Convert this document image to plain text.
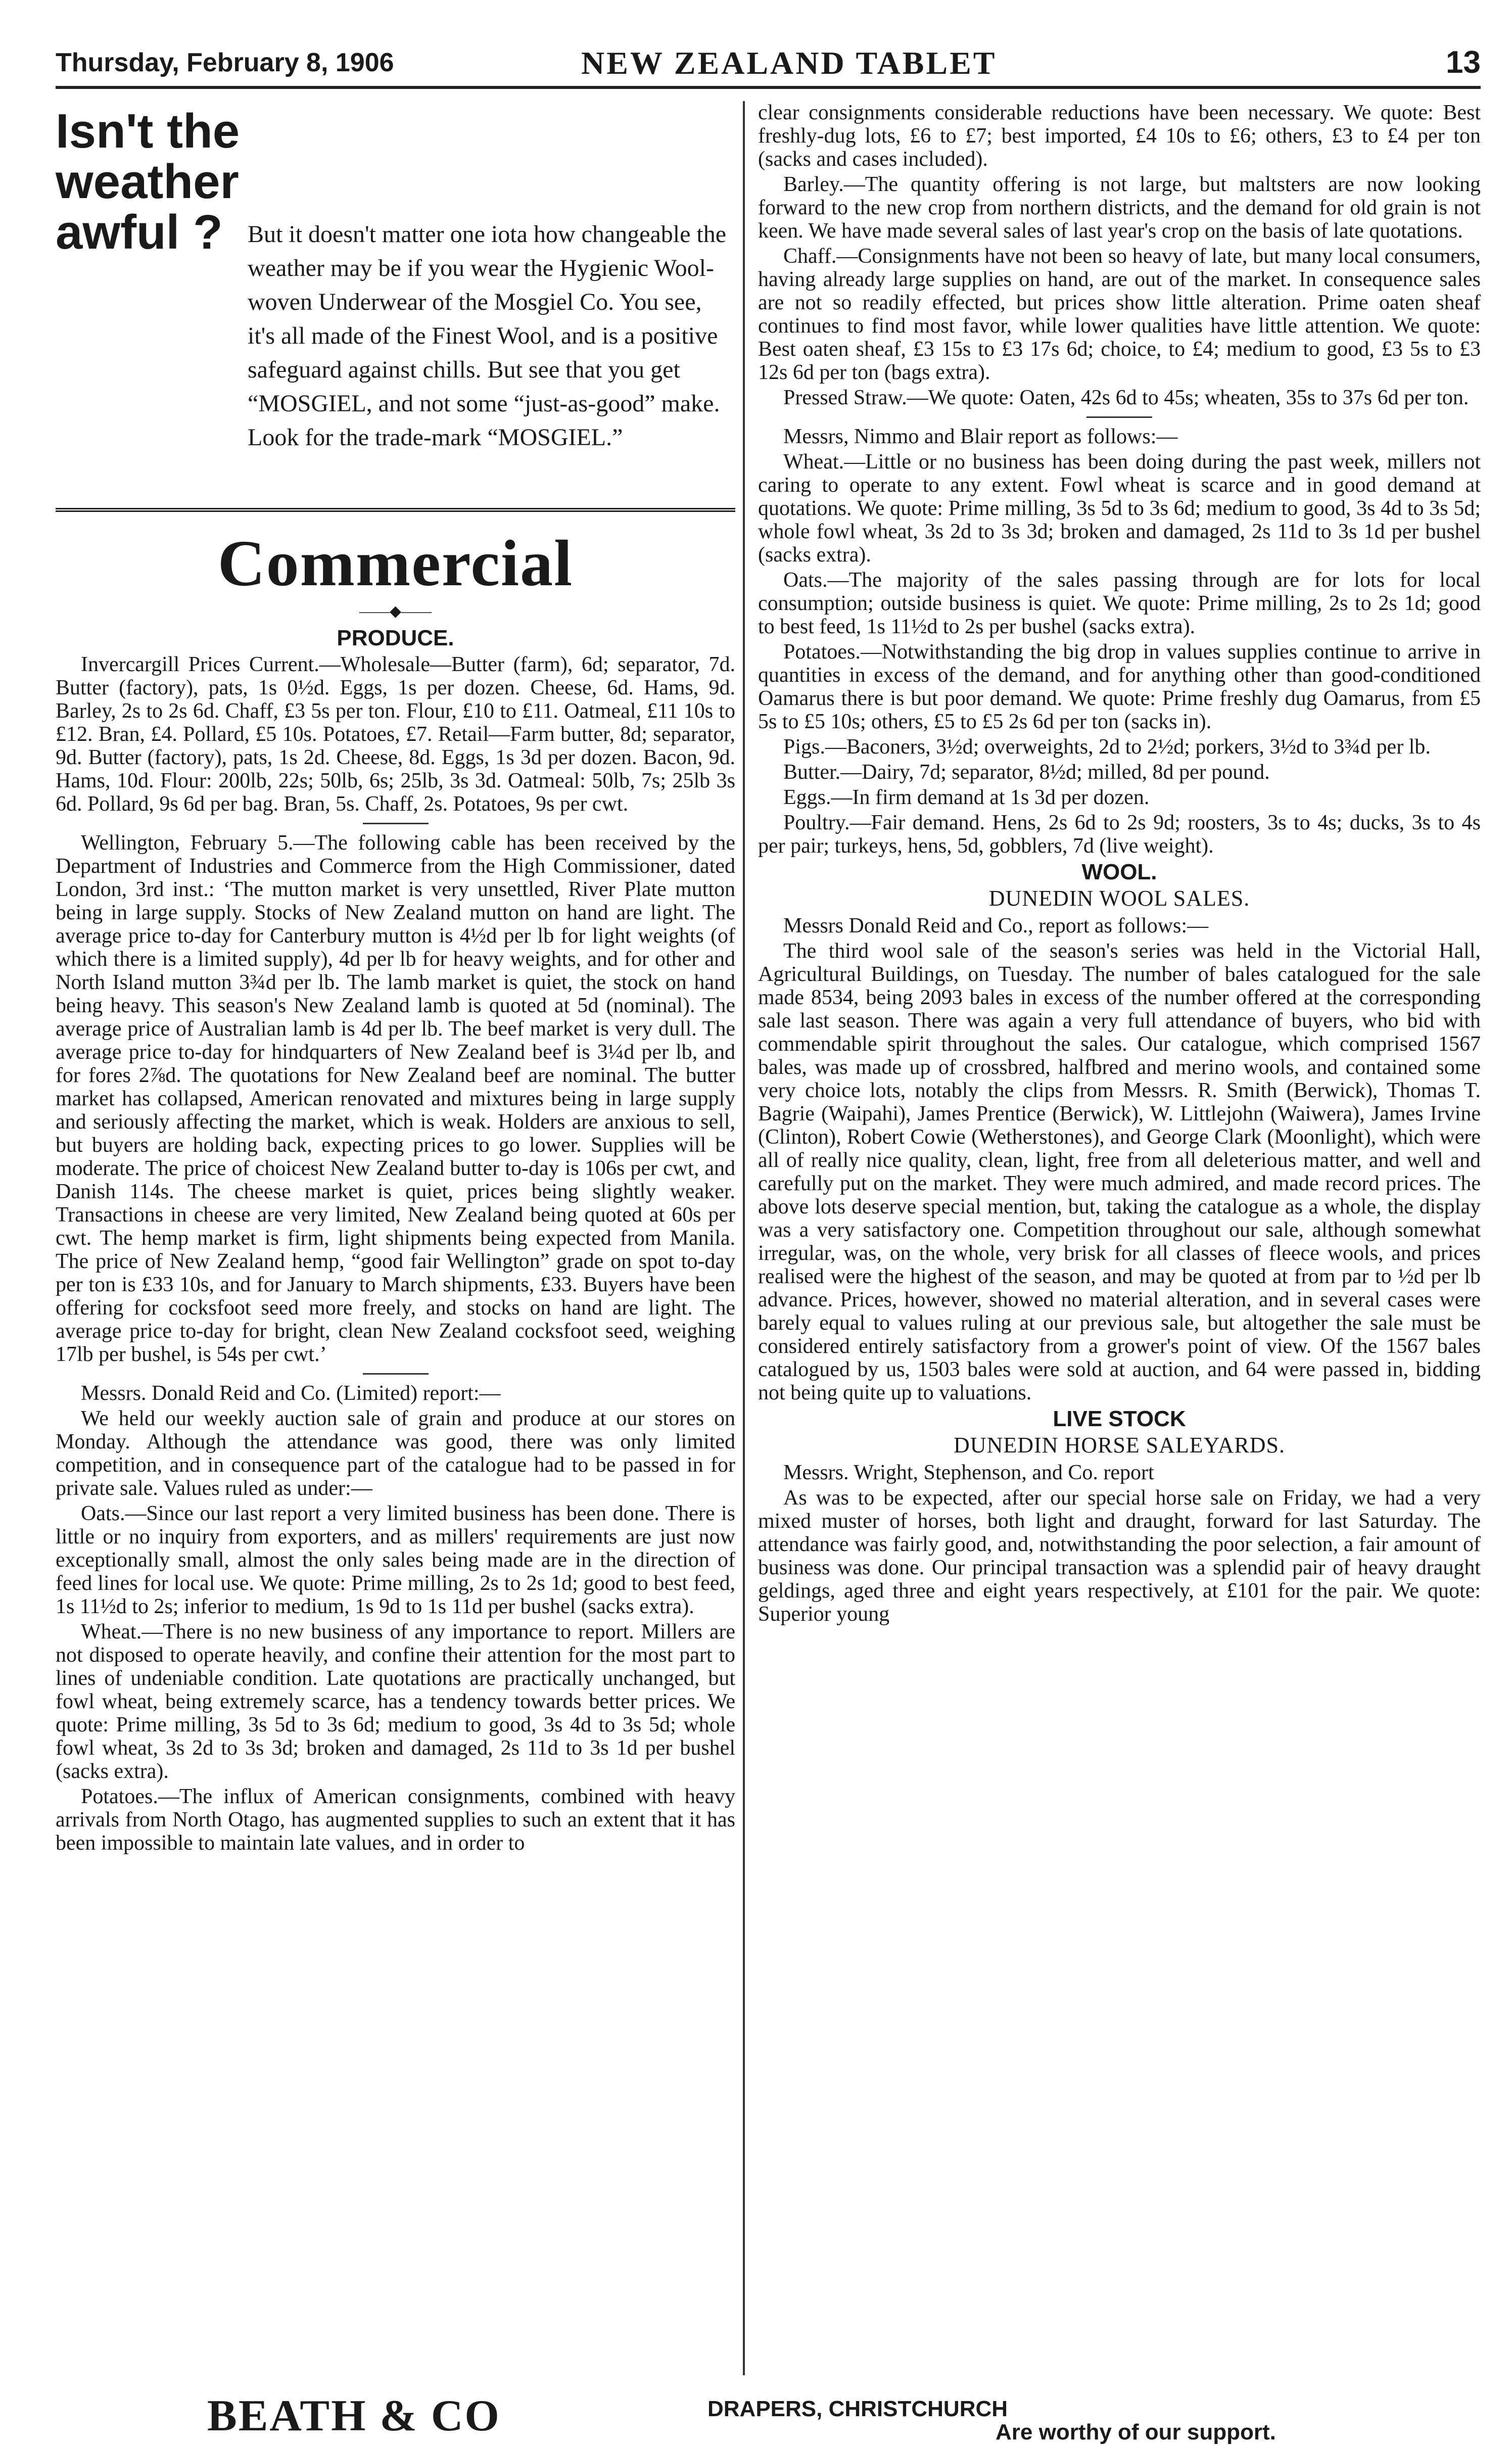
Thursday, February 8, 1906	NEW ZEALAND TABLET	13
Isn't the
weather
awful ?	But it doesn't matter one iota how changeable the weather may be if you wear the Hygienic Wool-woven Underwear of the Mosgiel Co. You see, it's all made of the Finest Wool, and is a positive safeguard against chills. But see that you get “MOSGIEL, and not some “just-as-good” make. Look for the trade-mark “MOSGIEL.”
Commercial
——◆——
PRODUCE.

Invercargill Prices Current.—Wholesale—Butter (farm), 6d; separator, 7d. Butter (factory), pats, 1s 0½d. Eggs, 1s per dozen. Cheese, 6d. Hams, 9d. Barley, 2s to 2s 6d. Chaff, £3 5s per ton. Flour, £10 to £11. Oatmeal, £11 10s to £12. Bran, £4. Pollard, £5 10s. Potatoes, £7. Retail—Farm butter, 8d; separator, 9d. Butter (factory), pats, 1s 2d. Cheese, 8d. Eggs, 1s 3d per dozen. Bacon, 9d. Hams, 10d. Flour: 200lb, 22s; 50lb, 6s; 25lb, 3s 3d. Oatmeal: 50lb, 7s; 25lb 3s 6d. Pollard, 9s 6d per bag. Bran, 5s. Chaff, 2s. Potatoes, 9s per cwt.

Wellington, February 5.—The following cable has been received by the Department of Industries and Commerce from the High Commissioner, dated London, 3rd inst.: ‘The mutton market is very unsettled, River Plate mutton being in large supply. Stocks of New Zealand mutton on hand are light. The average price to-day for Canterbury mutton is 4½d per lb for light weights (of which there is a limited supply), 4d per lb for heavy weights, and for other and North Island mutton 3¾d per lb. The lamb market is quiet, the stock on hand being heavy. This season's New Zealand lamb is quoted at 5d (nominal). The average price of Australian lamb is 4d per lb. The beef market is very dull. The average price to-day for hindquarters of New Zealand beef is 3¼d per lb, and for fores 2⅞d. The quotations for New Zealand beef are nominal. The butter market has collapsed, American renovated and mixtures being in large supply and seriously affecting the market, which is weak. Holders are anxious to sell, but buyers are holding back, expecting prices to go lower. Supplies will be moderate. The price of choicest New Zealand butter to-day is 106s per cwt, and Danish 114s. The cheese market is quiet, prices being slightly weaker. Transactions in cheese are very limited, New Zealand being quoted at 60s per cwt. The hemp market is firm, light shipments being expected from Manila. The price of New Zealand hemp, “good fair Wellington” grade on spot to-day per ton is £33 10s, and for January to March shipments, £33. Buyers have been offering for cocksfoot seed more freely, and stocks on hand are light. The average price to-day for bright, clean New Zealand cocksfoot seed, weighing 17lb per bushel, is 54s per cwt.’

Messrs. Donald Reid and Co. (Limited) report:—

We held our weekly auction sale of grain and produce at our stores on Monday. Although the attendance was good, there was only limited competition, and in consequence part of the catalogue had to be passed in for private sale. Values ruled as under:—

Oats.—Since our last report a very limited business has been done. There is little or no inquiry from exporters, and as millers' requirements are just now exceptionally small, almost the only sales being made are in the direction of feed lines for local use. We quote: Prime milling, 2s to 2s 1d; good to best feed, 1s 11½d to 2s; inferior to medium, 1s 9d to 1s 11d per bushel (sacks extra).

Wheat.—There is no new business of any importance to report. Millers are not disposed to operate heavily, and confine their attention for the most part to lines of undeniable condition. Late quotations are practically unchanged, but fowl wheat, being extremely scarce, has a tendency towards better prices. We quote: Prime milling, 3s 5d to 3s 6d; medium to good, 3s 4d to 3s 5d; whole fowl wheat, 3s 2d to 3s 3d; broken and damaged, 2s 11d to 3s 1d per bushel (sacks extra).

Potatoes.—The influx of American consignments, combined with heavy arrivals from North Otago, has augmented supplies to such an extent that it has been impossible to maintain late values, and in order to

clear consignments considerable reductions have been necessary. We quote: Best freshly-dug lots, £6 to £7; best imported, £4 10s to £6; others, £3 to £4 per ton (sacks and cases included).

Barley.—The quantity offering is not large, but maltsters are now looking forward to the new crop from northern districts, and the demand for old grain is not keen. We have made several sales of last year's crop on the basis of late quotations.

Chaff.—Consignments have not been so heavy of late, but many local consumers, having already large supplies on hand, are out of the market. In consequence sales are not so readily effected, but prices show little alteration. Prime oaten sheaf continues to find most favor, while lower qualities have little attention. We quote: Best oaten sheaf, £3 15s to £3 17s 6d; choice, to £4; medium to good, £3 5s to £3 12s 6d per ton (bags extra).

Pressed Straw.—We quote: Oaten, 42s 6d to 45s; wheaten, 35s to 37s 6d per ton.

Messrs, Nimmo and Blair report as follows:—

Wheat.—Little or no business has been doing during the past week, millers not caring to operate to any extent. Fowl wheat is scarce and in good demand at quotations. We quote: Prime milling, 3s 5d to 3s 6d; medium to good, 3s 4d to 3s 5d; whole fowl wheat, 3s 2d to 3s 3d; broken and damaged, 2s 11d to 3s 1d per bushel (sacks extra).

Oats.—The majority of the sales passing through are for lots for local consumption; outside business is quiet. We quote: Prime milling, 2s to 2s 1d; good to best feed, 1s 11½d to 2s per bushel (sacks extra).

Potatoes.—Notwithstanding the big drop in values supplies continue to arrive in quantities in excess of the demand, and for anything other than good-conditioned Oamarus there is but poor demand. We quote: Prime freshly dug Oamarus, from £5 5s to £5 10s; others, £5 to £5 2s 6d per ton (sacks in).

Pigs.—Baconers, 3½d; overweights, 2d to 2½d; porkers, 3½d to 3¾d per lb.

Butter.—Dairy, 7d; separator, 8½d; milled, 8d per pound.

Eggs.—In firm demand at 1s 3d per dozen.

Poultry.—Fair demand. Hens, 2s 6d to 2s 9d; roosters, 3s to 4s; ducks, 3s to 4s per pair; turkeys, hens, 5d, gobblers, 7d (live weight).

WOOL.
DUNEDIN WOOL SALES.

Messrs Donald Reid and Co., report as follows:—

The third wool sale of the season's series was held in the Victorial Hall, Agricultural Buildings, on Tuesday. The number of bales catalogued for the sale made 8534, being 2093 bales in excess of the number offered at the corresponding sale last season. There was again a very full attendance of buyers, who bid with commendable spirit throughout the sales. Our catalogue, which comprised 1567 bales, was made up of crossbred, halfbred and merino wools, and contained some very choice lots, notably the clips from Messrs. R. Smith (Berwick), Thomas T. Bagrie (Waipahi), James Prentice (Berwick), W. Littlejohn (Waiwera), James Irvine (Clinton), Robert Cowie (Wetherstones), and George Clark (Moonlight), which were all of really nice quality, clean, light, free from all deleterious matter, and well and carefully put on the market. They were much admired, and made record prices. The above lots deserve special mention, but, taking the catalogue as a whole, the display was a very satisfactory one. Competition throughout our sale, although somewhat irregular, was, on the whole, very brisk for all classes of fleece wools, and prices realised were the highest of the season, and may be quoted at from par to ½d per lb advance. Prices, however, showed no material alteration, and in several cases were barely equal to values ruling at our previous sale, but altogether the sale must be considered entirely satisfactory from a grower's point of view. Of the 1567 bales catalogued by us, 1503 bales were sold at auction, and 64 were passed in, bidding not being quite up to valuations.

LIVE STOCK
DUNEDIN HORSE SALEYARDS.

Messrs. Wright, Stephenson, and Co. report

As was to be expected, after our special horse sale on Friday, we had a very mixed muster of horses, both light and draught, forward for last Saturday. The attendance was fairly good, and, notwithstanding the poor selection, a fair amount of business was done. Our principal transaction was a splendid pair of heavy draught geldings, aged three and eight years respectively, at £101 for the pair. We quote: Superior young

BEATH & CO	DRAPERS, CHRISTCHURCH
Are worthy of our support.
